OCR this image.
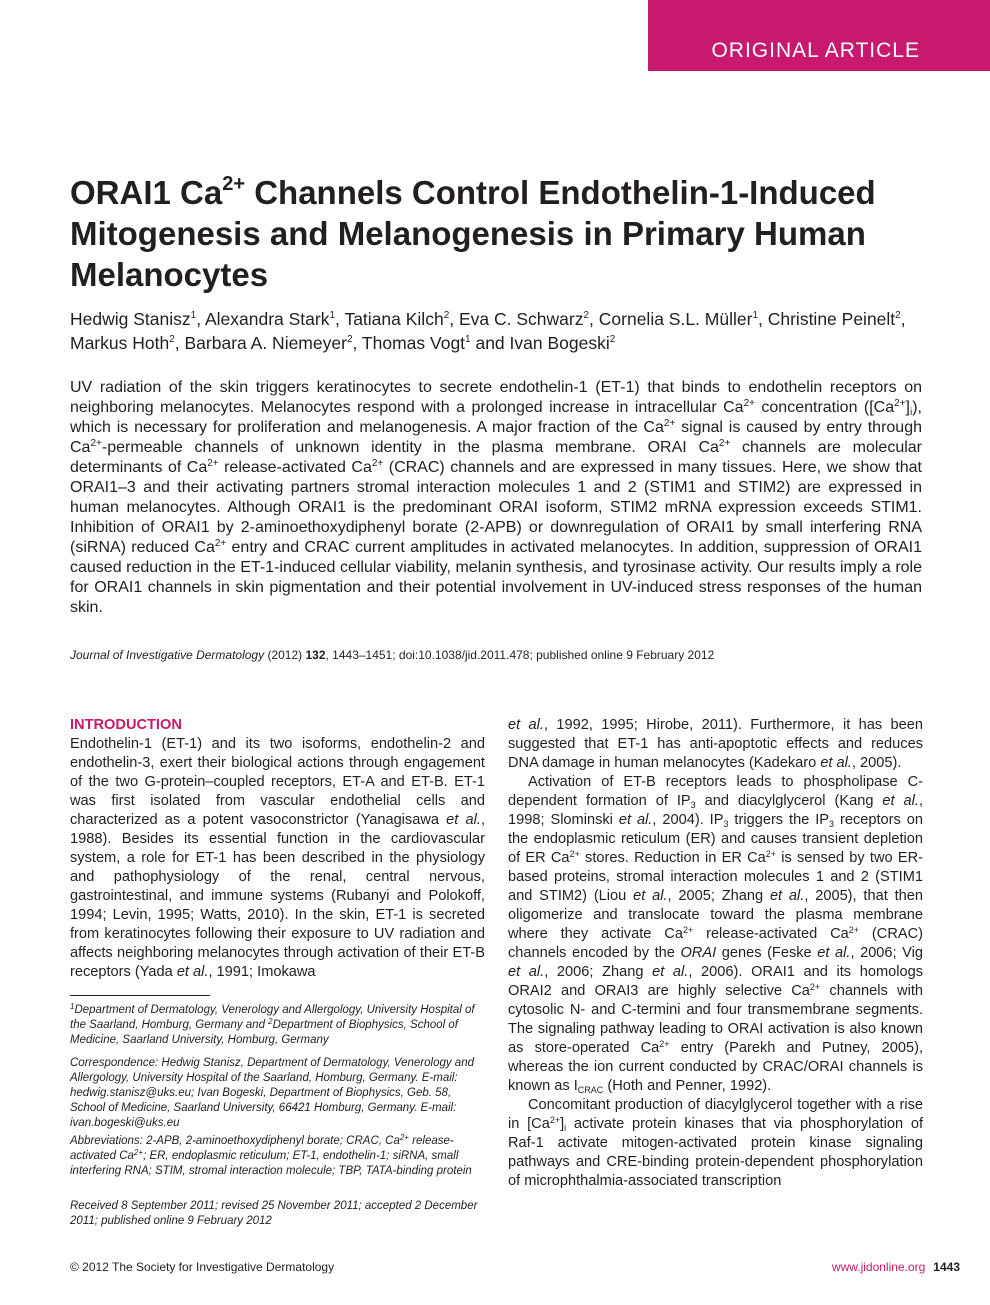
ORIGINAL ARTICLE
ORAI1 $Ca^{2+}$ Channels Control Endothelin-1-Induced Mitogenesis and Melanogenesis in Primary Human Melanocytes

Hedwig Stanisz$^1$, Alexandra Stark$^1$, Tatiana Kilch$^2$, Eva C. Schwarz$^2$, Cornelia S.L. Müller$^1$, Christine Peinelt$^2$, Markus Hoth$^2$, Barbara A. Niemeyer$^2$, Thomas Vogt$^1$ and Ivan Bogeski$^2$

UV radiation of the skin triggers keratinocytes to secrete endothelin-1 (ET-1) that binds to endothelin receptors on neighboring melanocytes. Melanocytes respond with a prolonged increase in intracellular $Ca^{2+}$ concentration $([Ca^{2+}]_i)$, which is necessary for proliferation and melanogenesis. A major fraction of the $Ca^{2+}$ signal is caused by entry through $Ca^{2+}$-permeable channels of unknown identity in the plasma membrane. ORAI $Ca^{2+}$ channels are molecular determinants of $Ca^{2+}$ release-activated $Ca^{2+}$ (CRAC) channels and are expressed in many tissues. Here, we show that ORAI1–3 and their activating partners stromal interaction molecules 1 and 2 (STIM1 and STIM2) are expressed in human melanocytes. Although ORAI1 is the predominant ORAI isoform, STIM2 mRNA expression exceeds STIM1. Inhibition of ORAI1 by 2-aminoethoxydiphenyl borate (2-APB) or downregulation of ORAI1 by small interfering RNA (siRNA) reduced $Ca^{2+}$ entry and CRAC current amplitudes in activated melanocytes. In addition, suppression of ORAI1 caused reduction in the ET-1-induced cellular viability, melanin synthesis, and tyrosinase activity. Our results imply a role for ORAI1 channels in skin pigmentation and their potential involvement in UV-induced stress responses of the human skin.

Journal of Investigative Dermatology (2012) 132, 1443–1451; doi:10.1038/jid.2011.478; published online 9 February 2012

INTRODUCTION

Endothelin-1 (ET-1) and its two isoforms, endothelin-2 and endothelin-3, exert their biological actions through engagement of the two G-protein–coupled receptors, ET-A and ET-B. ET-1 was first isolated from vascular endothelial cells and characterized as a potent vasoconstrictor (Yanagisawa et al., 1988). Besides its essential function in the cardiovascular system, a role for ET-1 has been described in the physiology and pathophysiology of the renal, central nervous, gastrointestinal, and immune systems (Rubanyi and Polokoff, 1994; Levin, 1995; Watts, 2010). In the skin, ET-1 is secreted from keratinocytes following their exposure to UV radiation and affects neighboring melanocytes through activation of their ET-B receptors (Yada et al., 1991; Imokawa

$^1$Department of Dermatology, Venerology and Allergology, University Hospital of the Saarland, Homburg, Germany and $^2$Department of Biophysics, School of Medicine, Saarland University, Homburg, Germany

Correspondence: Hedwig Stanisz, Department of Dermatology, Venerology and Allergology, University Hospital of the Saarland, Homburg, Germany. E-mail: hedwig.stanisz@uks.eu; Ivan Bogeski, Department of Biophysics, Geb. 58, School of Medicine, Saarland University, 66421 Homburg, Germany. E-mail: ivan.bogeski@uks.eu

Abbreviations: 2-APB, 2-aminoethoxydiphenyl borate; CRAC, $Ca^{2+}$ release-activated $Ca^{2+}$; ER, endoplasmic reticulum; ET-1, endothelin-1; siRNA, small interfering RNA; STIM, stromal interaction molecule; TBP, TATA-binding protein

Received 8 September 2011; revised 25 November 2011; accepted 2 December 2011; published online 9 February 2012

et al., 1992, 1995; Hirobe, 2011). Furthermore, it has been suggested that ET-1 has anti-apoptotic effects and reduces DNA damage in human melanocytes (Kadekaro et al., 2005).

Activation of ET-B receptors leads to phospholipase C-dependent formation of $IP_3$ and diacylglycerol (Kang et al., 1998; Slominski et al., 2004). $IP_3$ triggers the $IP_3$ receptors on the endoplasmic reticulum (ER) and causes transient depletion of ER $Ca^{2+}$ stores. Reduction in ER $Ca^{2+}$ is sensed by two ER-based proteins, stromal interaction molecules 1 and 2 (STIM1 and STIM2) (Liou et al., 2005; Zhang et al., 2005), that then oligomerize and translocate toward the plasma membrane where they activate $Ca^{2+}$ release-activated $Ca^{2+}$ (CRAC) channels encoded by the ORAI genes (Feske et al., 2006; Vig et al., 2006; Zhang et al., 2006). ORAI1 and its homologs ORAI2 and ORAI3 are highly selective $Ca^{2+}$ channels with cytosolic N- and C-termini and four transmembrane segments. The signaling pathway leading to ORAI activation is also known as store-operated $Ca^{2+}$ entry (Parekh and Putney, 2005), whereas the ion current conducted by CRAC/ORAI channels is known as $I_{CRAC}$ (Hoth and Penner, 1992).

Concomitant production of diacylglycerol together with a rise in $[Ca^{2+}]_i$ activate protein kinases that via phosphorylation of Raf-1 activate mitogen-activated protein kinase signaling pathways and CRE-binding protein-dependent phosphorylation of microphthalmia-associated transcription

© 2012 The Society for Investigative Dermatology	www.jidonline.org 1443
